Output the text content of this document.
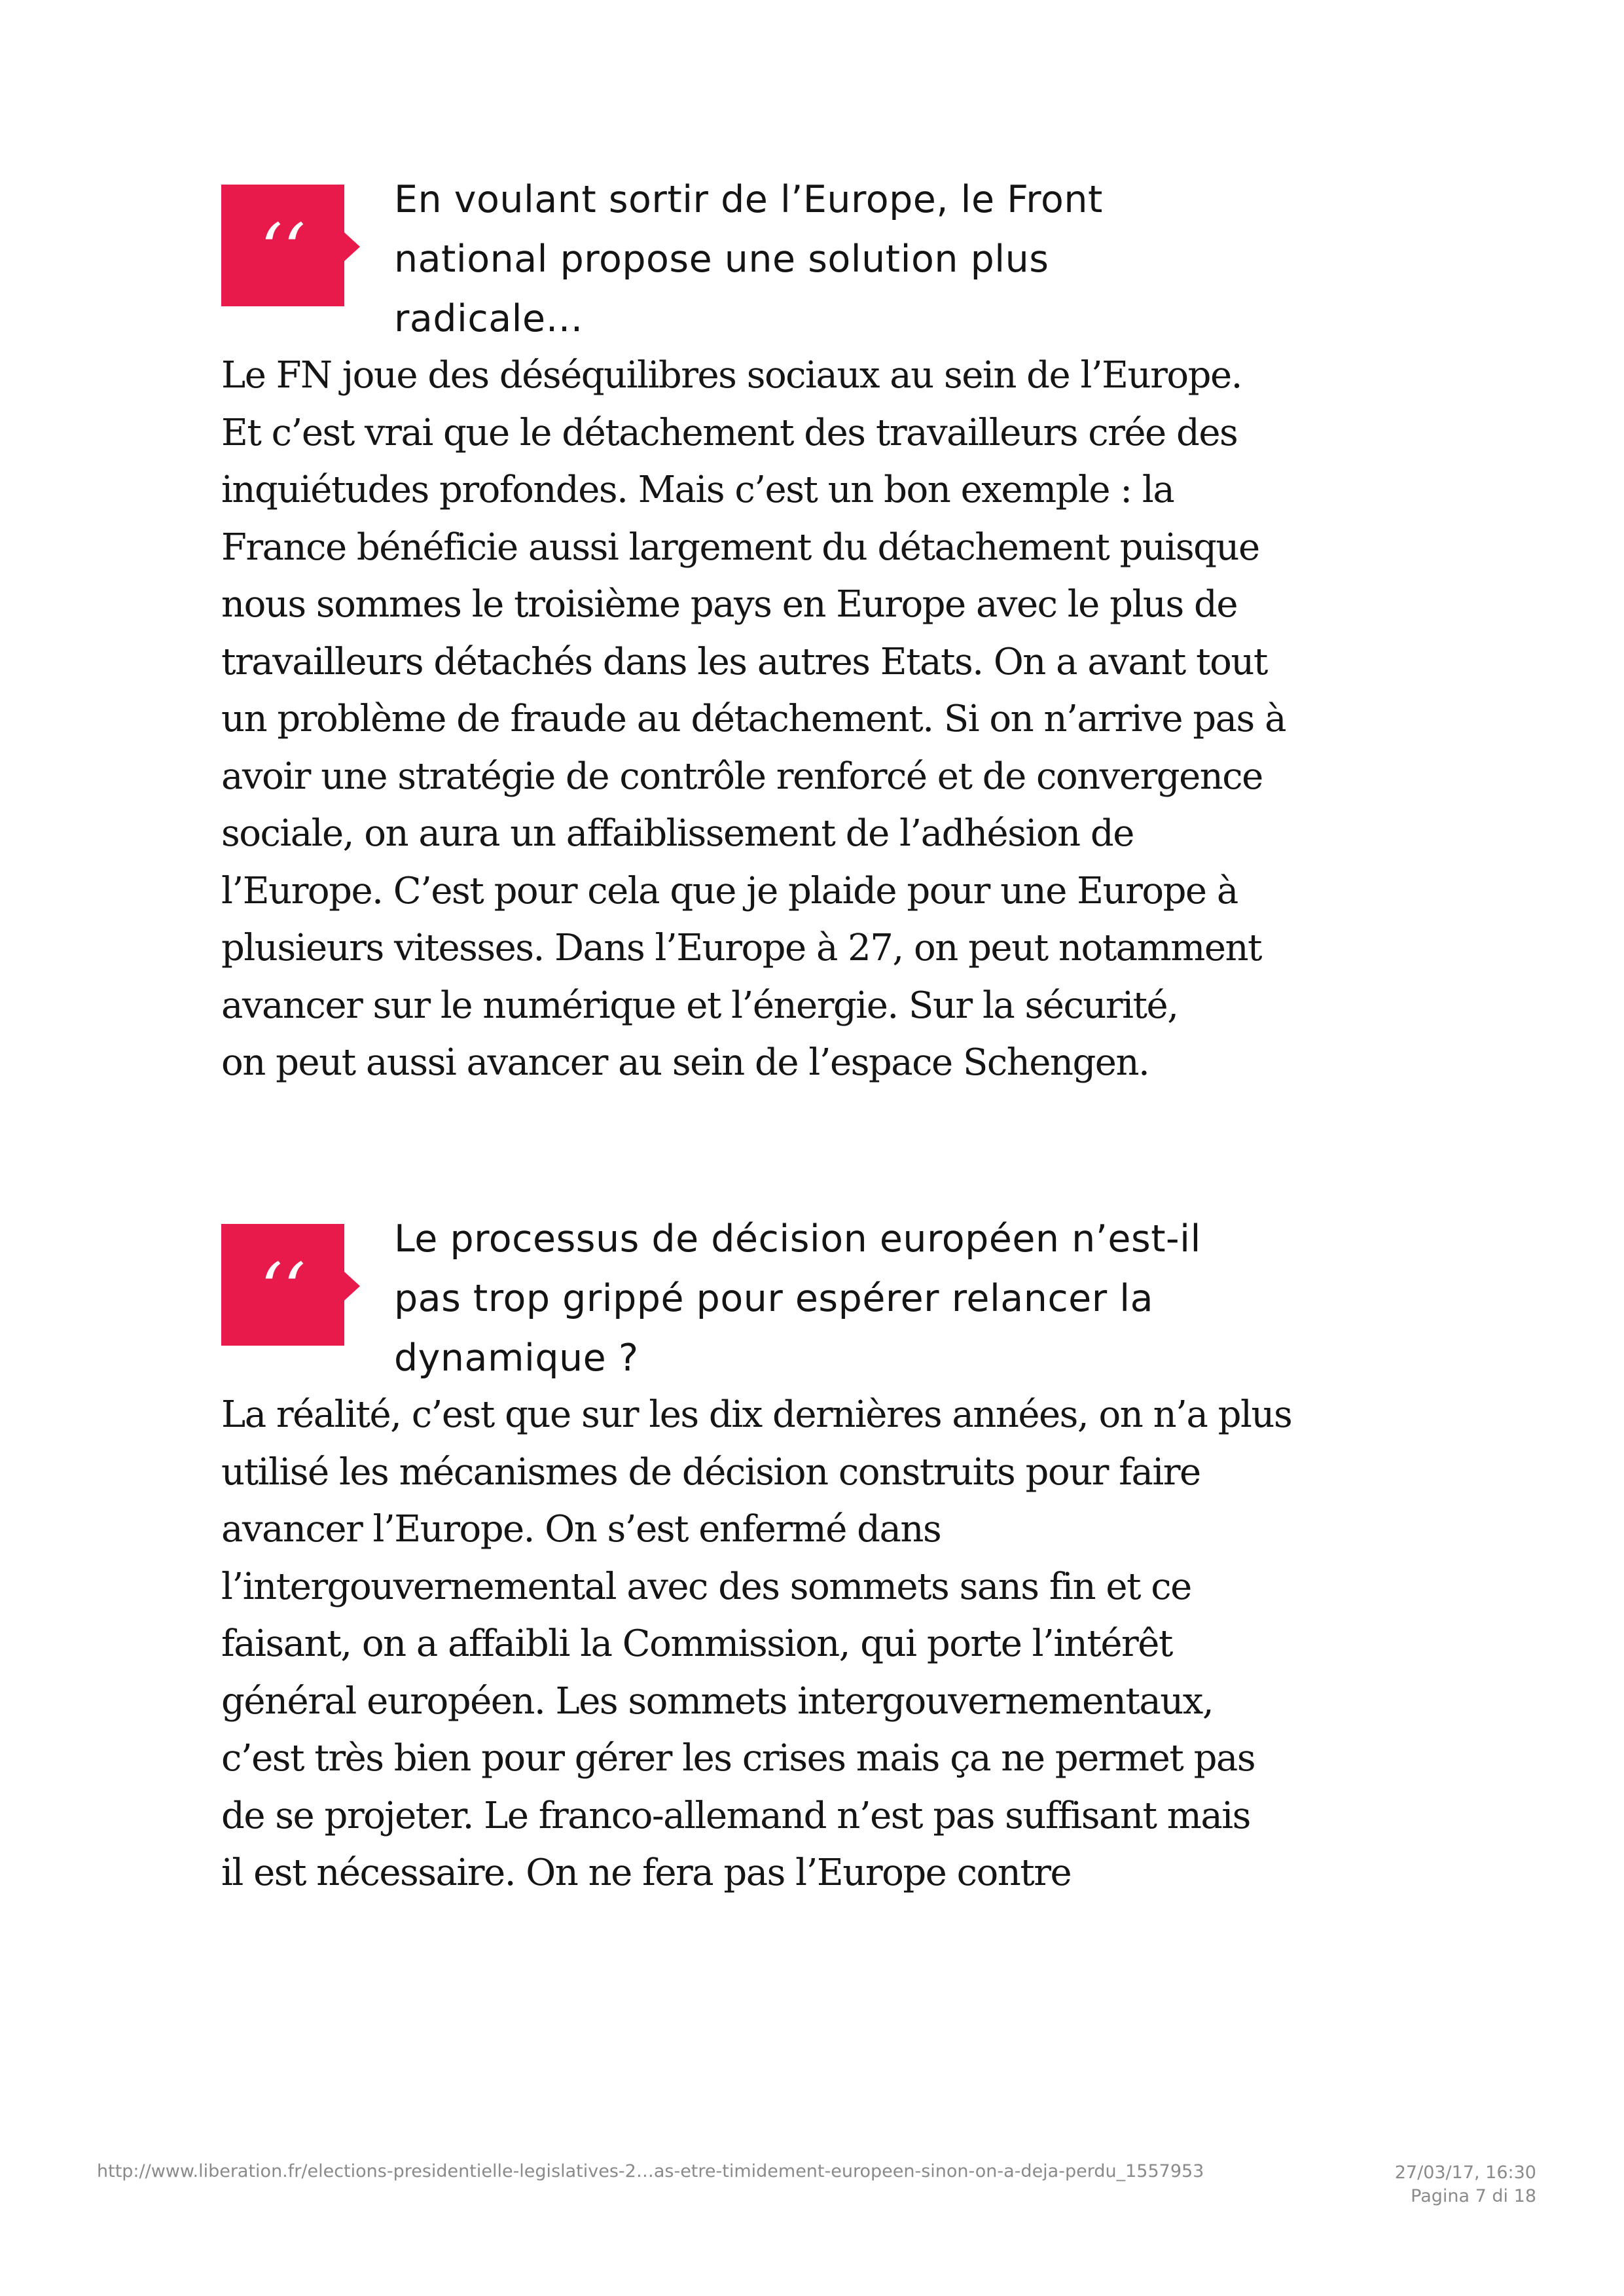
‘‘
En voulant sortir de l’Europe, le Front
national propose une solution plus
radicale…

Le FN joue des déséquilibres sociaux au sein de l’Europe.
Et c’est vrai que le détachement des travailleurs crée des
inquiétudes profondes. Mais c’est un bon exemple : la
France bénéficie aussi largement du détachement puisque
nous sommes le troisième pays en Europe avec le plus de
travailleurs détachés dans les autres Etats. On a avant tout
un problème de fraude au détachement. Si on n’arrive pas à
avoir une stratégie de contrôle renforcé et de convergence
sociale, on aura un affaiblissement de l’adhésion de
l’Europe. C’est pour cela que je plaide pour une Europe à
plusieurs vitesses. Dans l’Europe à 27, on peut notamment
avancer sur le numérique et l’énergie. Sur la sécurité,
on peut aussi avancer au sein de l’espace Schengen.

‘‘
Le processus de décision européen n’est-il
pas trop grippé pour espérer relancer la
dynamique ?

La réalité, c’est que sur les dix dernières années, on n’a plus
utilisé les mécanismes de décision construits pour faire
avancer l’Europe. On s’est enfermé dans
l’intergouvernemental avec des sommets sans fin et ce
faisant, on a affaibli la Commission, qui porte l’intérêt
général européen. Les sommets intergouvernementaux,
c’est très bien pour gérer les crises mais ça ne permet pas
de se projeter. Le franco-allemand n’est pas suffisant mais
il est nécessaire. On ne fera pas l’Europe contre

http://www.liberation.fr/elections-presidentielle-legislatives-2…as-etre-timidement-europeen-sinon-on-a-deja-perdu_1557953	27/03/17, 16:30
Pagina 7 di 18
